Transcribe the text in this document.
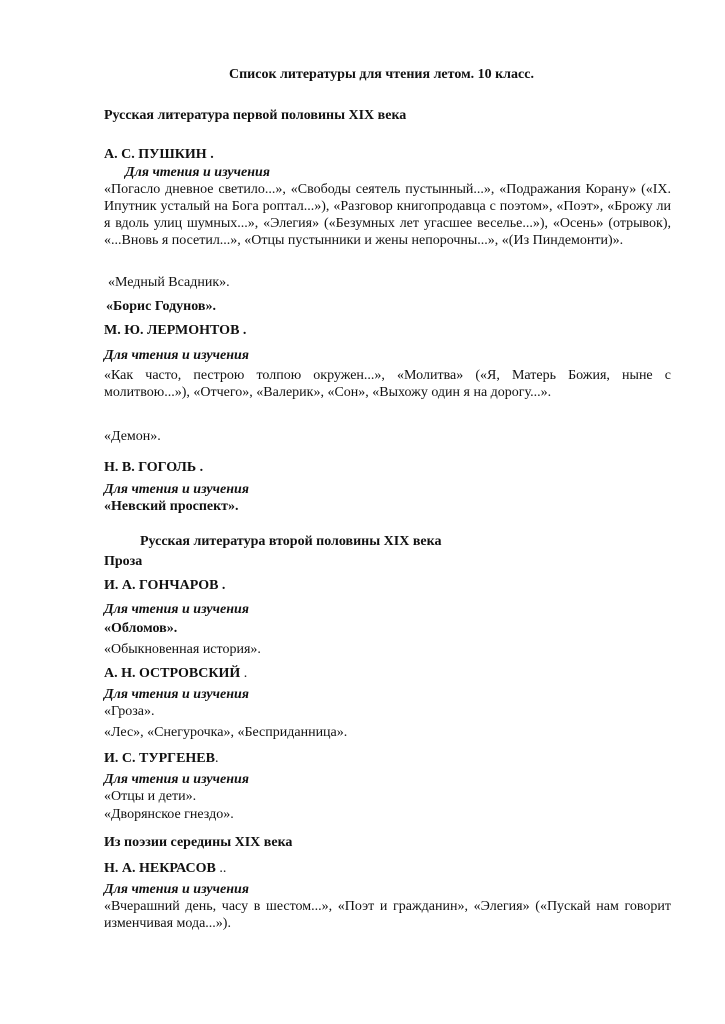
Список литературы для чтения летом. 10 класс.
Русская литература первой половины XIX века
А. С. ПУШКИН .
Для чтения и изучения
«Погасло дневное светило...», «Свободы сеятель пустынный...», «Подражания Корану» («IX. Ипутник усталый на Бога роптал...»), «Разговор книгопродавца с поэтом», «Поэт», «Брожу ли я вдоль улиц шумных...», «Элегия» («Безумных лет угасшее веселье...»), «Осень» (отрывок), «...Вновь я посетил...», «Отцы пустынники и жены непорочны...», «(Из Пиндемонти)».
«Медный Всадник».
«Борис Годунов».
М. Ю. ЛЕРМОНТОВ .
Для чтения и изучения
«Как часто, пестрою толпою окружен...», «Молитва» («Я, Матерь Божия, ныне с молитвою...»), «Отчего», «Валерик», «Сон», «Выхожу один я на дорогу...».
«Демон».
Н. В. ГОГОЛЬ .
Для чтения и изучения
«Невский проспект».
Русская литература второй половины XIX века
Проза
И. А. ГОНЧАРОВ .
Для чтения и изучения
«Обломов».
«Обыкновенная история».
А. Н. ОСТРОВСКИЙ .
Для чтения и изучения
«Гроза».
«Лес», «Снегурочка», «Бесприданница».
И. С. ТУРГЕНЕВ.
Для чтения и изучения
«Отцы и дети».
«Дворянское гнездо».
Из поэзии середины XIX века
Н. А. НЕКРАСОВ ..
Для чтения и изучения
«Вчерашний день, часу в шестом...», «Поэт и гражданин», «Элегия» («Пускай нам говорит изменчивая мода...»).
